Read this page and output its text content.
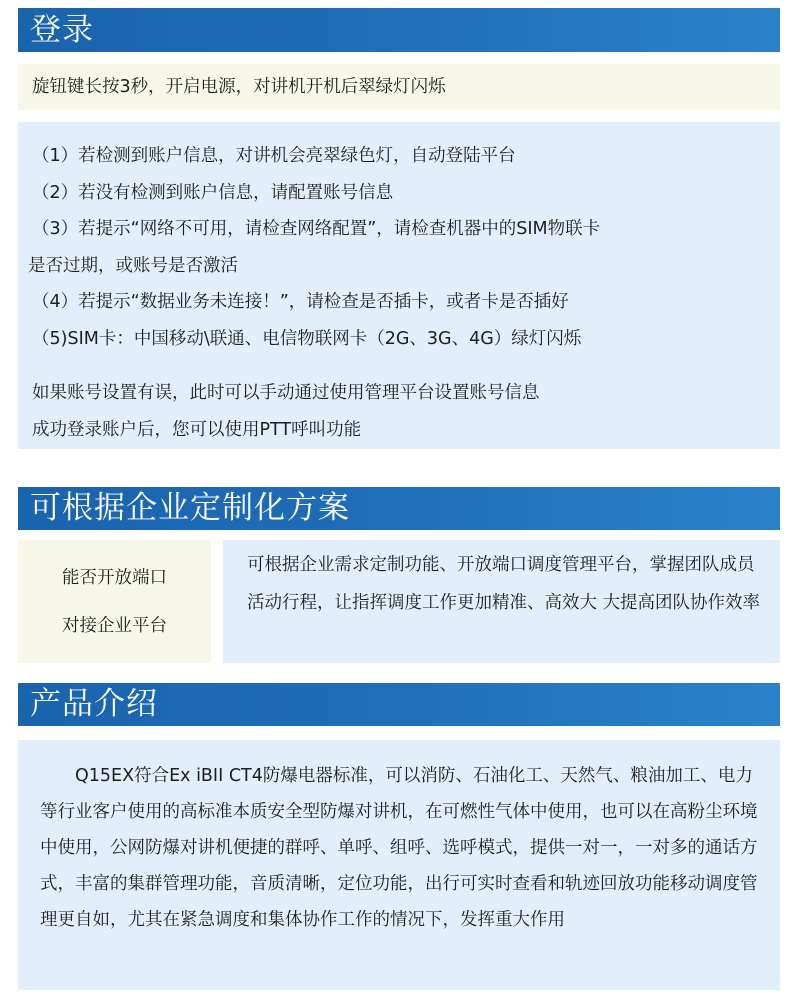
登录
旋钮键长按3秒，开启电源，对讲机开机后翠绿灯闪烁
（1）若检测到账户信息，对讲机会亮翠绿色灯，自动登陆平台
（2）若没有检测到账户信息，请配置账号信息
（3）若提示“网络不可用，请检查网络配置”，请检查机器中的SIM物联卡
是否过期，或账号是否激活
（4）若提示“数据业务未连接！”，请检查是否插卡，或者卡是否插好
（5)SIM卡：中国移动\联通、电信物联网卡（2G、3G、4G）绿灯闪烁
如果账号设置有误，此时可以手动通过使用管理平台设置账号信息
成功登录账户后，您可以使用PTT呼叫功能
可根据企业定制化方案
能否开放端口
对接企业平台
可根据企业需求定制功能、开放端口调度管理平台，掌握团队成员活动行程，让指挥调度工作更加精准、高效大 大提高团队协作效率
产品介绍
Q15EX符合Ex iBII CT4防爆电器标准，可以消防、石油化工、天然气、粮油加工、电力等行业客户使用的高标准本质安全型防爆对讲机，在可燃性气体中使用，也可以在高粉尘环境中使用，公网防爆对讲机便捷的群呼、单呼、组呼、选呼模式，提供一对一，一对多的通话方式，丰富的集群管理功能，音质清晰，定位功能，出行可实时查看和轨迹回放功能移动调度管理更自如，尤其在紧急调度和集体协作工作的情况下，发挥重大作用
